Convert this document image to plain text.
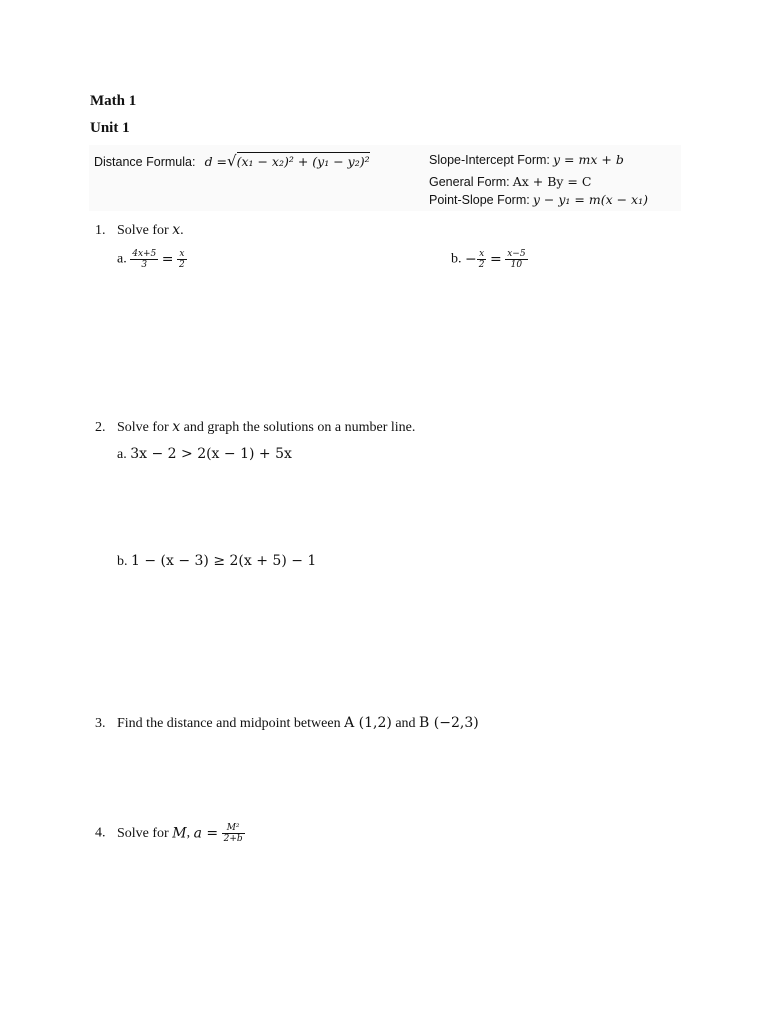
Math 1
Unit 1
Distance Formula: d =√(x₁ − x₂)² + (y₁ − y₂)²	Slope-Intercept Form: y = mx + b
General Form: Ax + By = C
Point-Slope Form: y − y₁ = m(x − x₁)
1. Solve for x.
a. $\frac{4x+5}{3} = \frac{x}{2}$	b. − $\frac{x}{2} = \frac{x-5}{10}$
2. Solve for x and graph the solutions on a number line.
a. 3x − 2 > 2(x − 1) + 5x
b. 1 − (x − 3) ≥ 2(x + 5) − 1
3. Find the distance and midpoint between A (1,2) and B (−2,3)
4. Solve for M, $a = \frac{\text{M²}}{2+b}$
